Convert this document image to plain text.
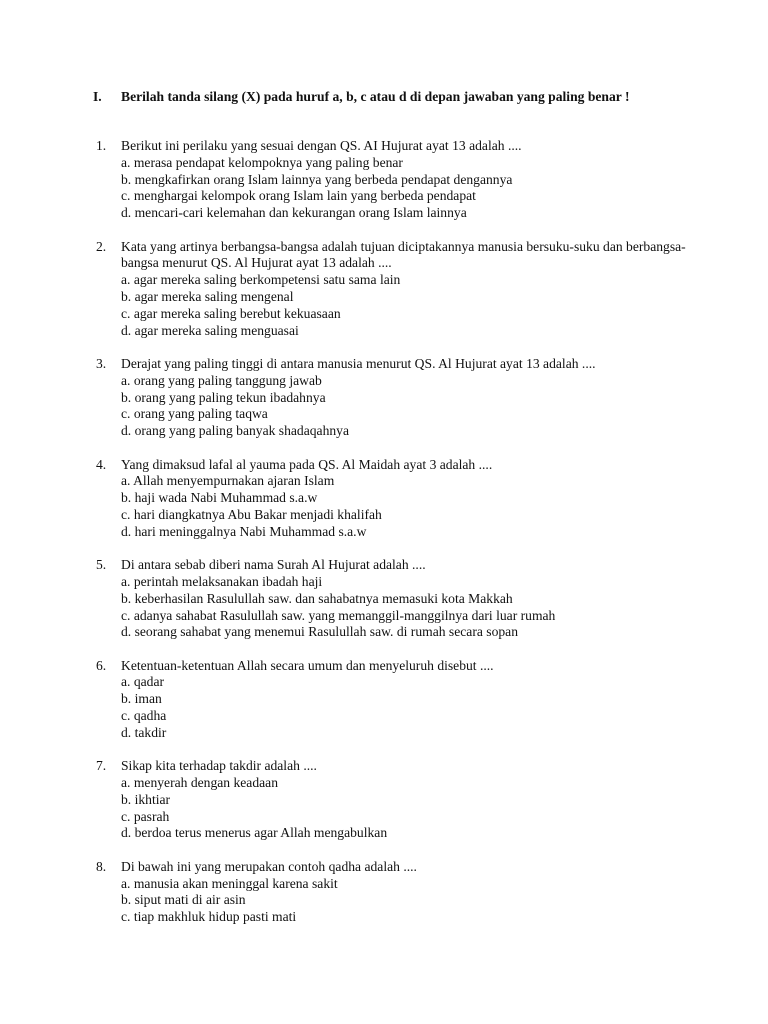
I. Berilah tanda silang (X) pada huruf a, b, c atau d di depan jawaban yang paling benar !
1.	Berikut ini perilaku yang sesuai dengan QS. AI Hujurat ayat 13 adalah ....
a. merasa pendapat kelompoknya yang paling benar
b. mengkafirkan orang Islam lainnya yang berbeda pendapat dengannya
c. menghargai kelompok orang Islam lain yang berbeda pendapat
d. mencari-cari kelemahan dan kekurangan orang Islam lainnya
2.	Kata yang artinya berbangsa-bangsa adalah tujuan diciptakannya manusia bersuku-suku dan berbangsa-bangsa menurut QS. Al Hujurat ayat 13 adalah ....
a. agar mereka saling berkompetensi satu sama lain
b. agar mereka saling mengenal
c. agar mereka saling berebut kekuasaan
d. agar mereka saling menguasai
3.	Derajat yang paling tinggi di antara manusia menurut QS. Al Hujurat ayat 13 adalah ....
a. orang yang paling tanggung jawab
b. orang yang paling tekun ibadahnya
c. orang yang paling taqwa
d. orang yang paling banyak shadaqahnya
4.	Yang dimaksud lafal al yauma pada QS. Al Maidah ayat 3 adalah ....
a. Allah menyempurnakan ajaran Islam
b. haji wada Nabi Muhammad s.a.w
c. hari diangkatnya Abu Bakar menjadi khalifah
d. hari meninggalnya Nabi Muhammad s.a.w
5.	Di antara sebab diberi nama Surah Al Hujurat adalah ....
a. perintah melaksanakan ibadah haji
b. keberhasilan Rasulullah saw. dan sahabatnya memasuki kota Makkah
c. adanya sahabat Rasulullah saw. yang memanggil-manggilnya dari luar rumah
d. seorang sahabat yang menemui Rasulullah saw. di rumah secara sopan
6.	Ketentuan-ketentuan Allah secara umum dan menyeluruh disebut ....
a. qadar
b. iman
c. qadha
d. takdir
7.	Sikap kita terhadap takdir adalah ....
a. menyerah dengan keadaan
b. ikhtiar
c. pasrah
d. berdoa terus menerus agar Allah mengabulkan
8.	Di bawah ini yang merupakan contoh qadha adalah ....
a. manusia akan meninggal karena sakit
b. siput mati di air asin
c. tiap makhluk hidup pasti mati
